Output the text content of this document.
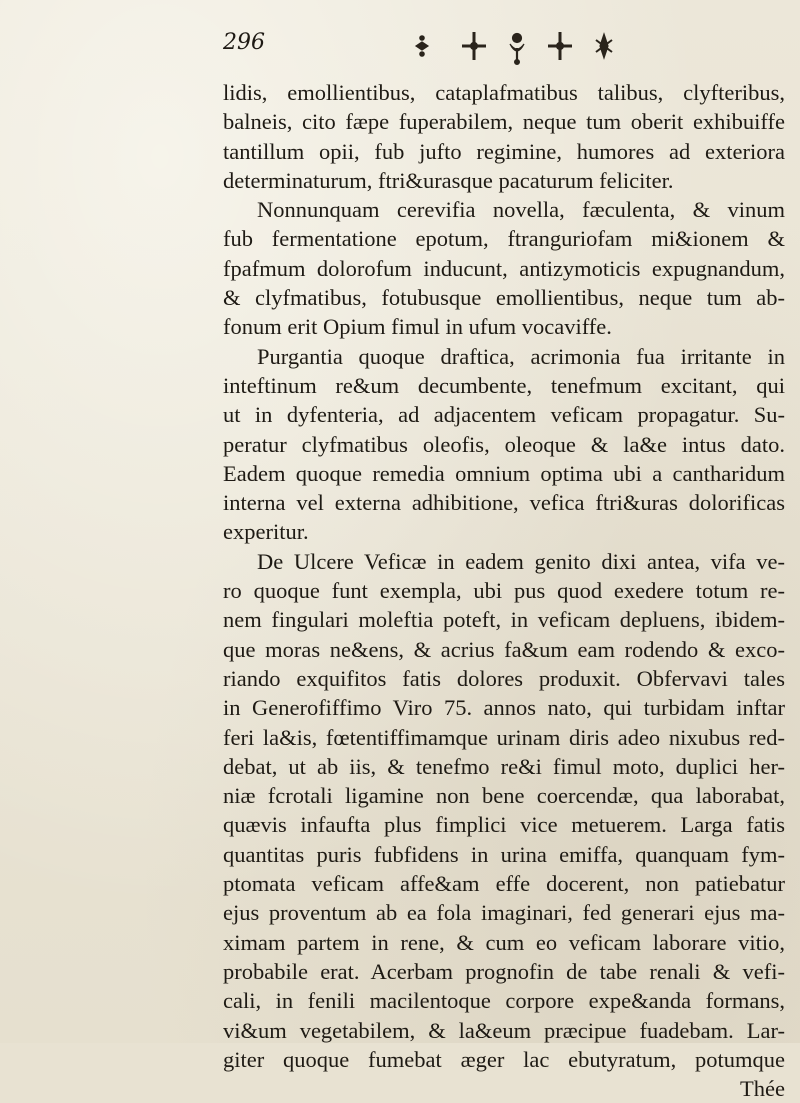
296
lidis, emollientibus, cataplafmatibus talibus, clyfteribus,
balneis, cito fæpe fuperabilem, neque tum oberit exhibuiffe
tantillum opii, fub jufto regimine, humores ad exteriora
determinaturum, ftri&urasque pacaturum feliciter.
Nonnunquam cerevifia novella, fæculenta, & vinum
fub fermentatione epotum, ftranguriofam mi&ionem &
fpafmum dolorofum inducunt, antizymoticis expugnandum,
& clyfmatibus, fotubusque emollientibus, neque tum ab-
fonum erit Opium fimul in ufum vocaviffe.
Purgantia quoque draftica, acrimonia fua irritante in
inteftinum re&um decumbente, tenefmum excitant, qui
ut in dyfenteria, ad adjacentem veficam propagatur. Su-
peratur clyfmatibus oleofis, oleoque & la&e intus dato.
Eadem quoque remedia omnium optima ubi a cantharidum
interna vel externa adhibitione, vefica ftri&uras dolorificas
experitur.
De Ulcere Veficæ in eadem genito dixi antea, vifa ve-
ro quoque funt exempla, ubi pus quod exedere totum re-
nem fingulari moleftia poteft, in veficam depluens, ibidem-
que moras ne&ens, & acrius fa&um eam rodendo & exco-
riando exquifitos fatis dolores produxit. Obfervavi tales
in Generofiffimo Viro 75. annos nato, qui turbidam inftar
feri la&is, fœtentiffimamque urinam diris adeo nixubus red-
debat, ut ab iis, & tenefmo re&i fimul moto, duplici her-
niæ fcrotali ligamine non bene coercendæ, qua laborabat,
quævis infaufta plus fimplici vice metuerem. Larga fatis
quantitas puris fubfidens in urina emiffa, quanquam fym-
ptomata veficam affe&am effe docerent, non patiebatur
ejus proventum ab ea fola imaginari, fed generari ejus ma-
ximam partem in rene, & cum eo veficam laborare vitio,
probabile erat. Acerbam prognofin de tabe renali & vefi-
cali, in fenili macilentoque corpore expe&anda formans,
vi&um vegetabilem, & la&eum præcipue fuadebam. Lar-
giter quoque fumebat æger lac ebutyratum, potumque
Thée
